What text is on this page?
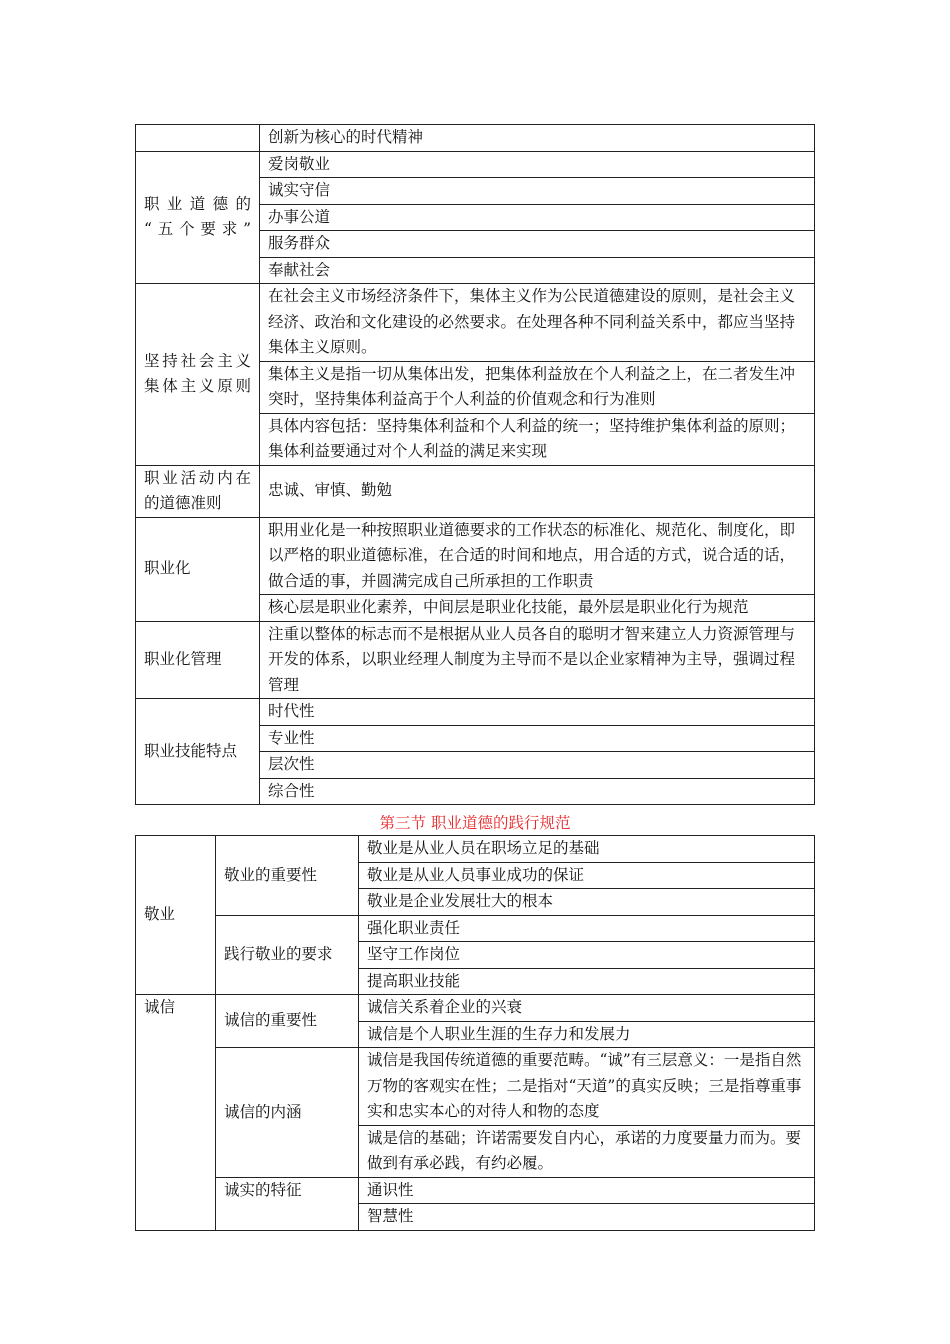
	创新为核心的时代精神

职业道德的
“五个要求”	爱岗敬业
	诚实守信
	办事公道
	服务群众
	奉献社会

坚持社会主义
集体主义原则	在社会主义市场经济条件下，集体主义作为公民道德建设的原则，是社会主义经济、政治和文化建设的必然要求。在处理各种不同利益关系中，都应当坚持集体主义原则。
	集体主义是指一切从集体出发，把集体利益放在个人利益之上，在二者发生冲突时，坚持集体利益高于个人利益的价值观念和行为准则
	具体内容包括：坚持集体利益和个人利益的统一；坚持维护集体利益的原则；集体利益要通过对个人利益的满足来实现

职业活动内在
的道德准则	忠诚、审慎、勤勉
职业化	职用业化是一种按照职业道德要求的工作状态的标准化、规范化、制度化，即以严格的职业道德标准，在合适的时间和地点，用合适的方式，说合适的话，做合适的事，并圆满完成自己所承担的工作职责
	核心层是职业化素养，中间层是职业化技能，最外层是职业化行为规范
职业化管理	注重以整体的标志而不是根据从业人员各自的聪明才智来建立人力资源管理与开发的体系，以职业经理人制度为主导而不是以企业家精神为主导，强调过程管理
职业技能特点	时代性
	专业性
	层次性
	综合性
第三节 职业道德的践行规范
敬业	敬业的重要性	敬业是从业人员在职场立足的基础
		敬业是从业人员事业成功的保证
		敬业是企业发展壮大的根本
	践行敬业的要求	强化职业责任
		坚守工作岗位
		提高职业技能
诚信	诚信的重要性	诚信关系着企业的兴衰
		诚信是个人职业生涯的生存力和发展力
	诚信的内涵	诚信是我国传统道德的重要范畴。“诚”有三层意义：一是指自然万物的客观实在性；二是指对“天道”的真实反映；三是指尊重事实和忠实本心的对待人和物的态度
		诚是信的基础；许诺需要发自内心，承诺的力度要量力而为。要做到有承必践，有约必履。
	诚实的特征	通识性
		智慧性
